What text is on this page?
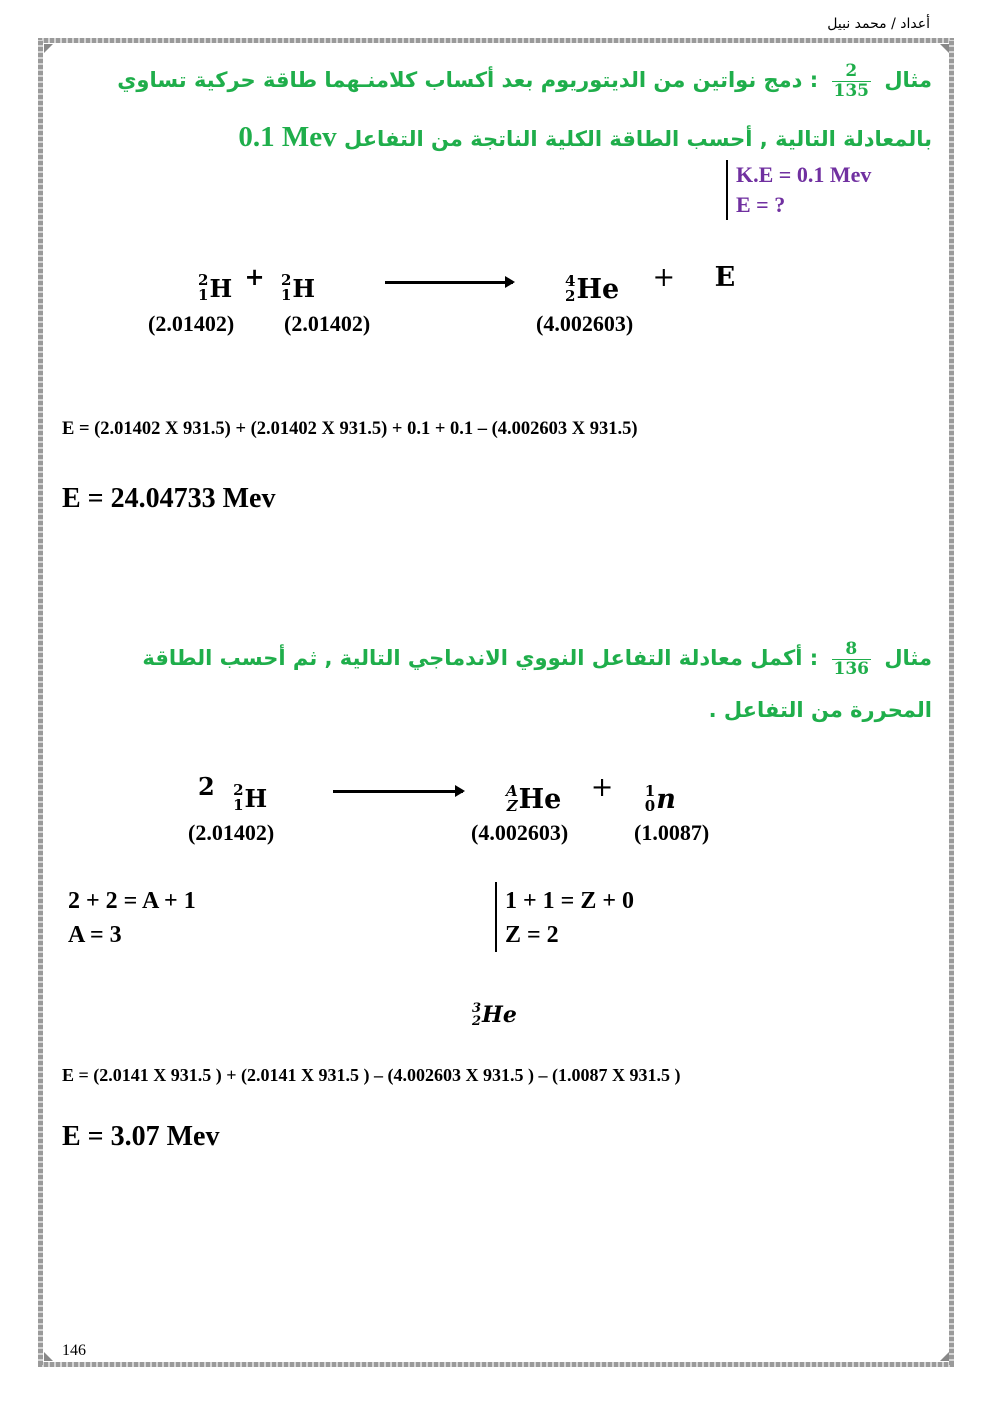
أعداد / محمد نبيل
مثال
$\frac{2}{135}$
: دمج نواتين من الديتوريوم بعد أكساب كلامنـهما طاقة حركية تساوي
بالمعادلة التالية , أحسب الطاقة الكلية الناتجة من التفاعل 0.1 Mev
K.E = 0.1 Mev
E = ?
2
1 H + 2
1 H	4
2 He + E
(2.01402) (2.01402)	(4.002603)
E = (2.01402 X 931.5) + (2.01402 X 931.5) + 0.1 + 0.1 – (4.002603 X 931.5)
E = 24.04733 Mev
مثال
$\frac{8}{136}$
: أكمل معادلة التفاعل النووي الاندماجي التالية , ثم أحسب الطاقة
المحررة من التفاعل .
2 2
1 H	A
Z He + 1
0 n
(2.01402)	(4.002603)	(1.0087)
2 + 2 = A + 1
A = 3
1 + 1 = Z + 0
Z = 2
3
2 He
E = (2.0141 X 931.5 ) + (2.0141 X 931.5 ) – (4.002603 X 931.5 ) – (1.0087 X 931.5 )
E = 3.07 Mev
146
